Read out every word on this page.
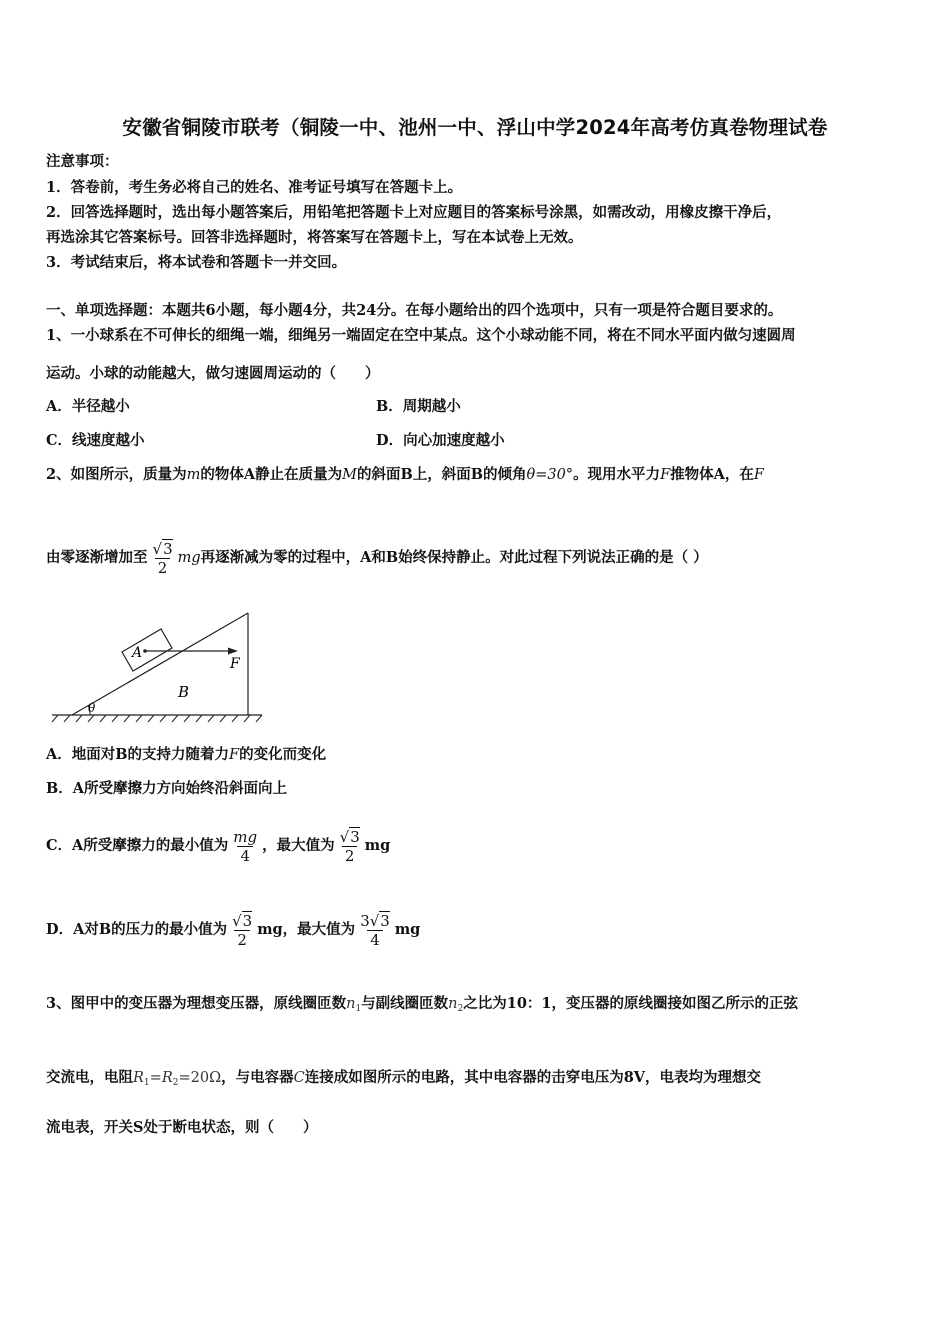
安徽省铜陵市联考（铜陵一中、池州一中、浮山中学2024年高考仿真卷物理试卷
注意事项：
1．答卷前，考生务必将自己的姓名、准考证号填写在答题卡上。
2．回答选择题时，选出每小题答案后，用铅笔把答题卡上对应题目的答案标号涂黑，如需改动，用橡皮擦干净后，
再选涂其它答案标号。回答非选择题时，将答案写在答题卡上，写在本试卷上无效。
3．考试结束后，将本试卷和答题卡一并交回。
一、单项选择题：本题共6小题，每小题4分，共24分。在每小题给出的四个选项中，只有一项是符合题目要求的。
1、一小球系在不可伸长的细绳一端，细绳另一端固定在空中某点。这个小球动能不同，将在不同水平面内做匀速圆周
运动。小球的动能越大，做匀速圆周运动的（　　）
A．半径越小	B．周期越小
C．线速度越小	D．向心加速度越小
2、如图所示，质量为m的物体A静止在质量为M的斜面B上，斜面B的倾角θ=30°。现用水平力F推物体A，在F
由零逐渐增加至 $\frac{√3}{2}$ mg再逐渐减为零的过程中，A和B始终保持静止。对此过程下列说法正确的是（ ）
A
F
B
θ
A．地面对B的支持力随着力F的变化而变化
B．A所受摩擦力方向始终沿斜面向上
C．A所受摩擦力的最小值为 $\frac{mg}{4}$ ，最大值为 $\frac{√3}{2}$ mg
D．A对B的压力的最小值为 $\frac{√3}{2}$ mg，最大值为 $\frac{3√3}{4}$ mg
3、图甲中的变压器为理想变压器，原线圈匝数$n_1$与副线圈匝数$n_2$之比为10：1，变压器的原线圈接如图乙所示的正弦
交流电，电阻$R_1=R_2=20\Omega$，与电容器C连接成如图所示的电路，其中电容器的击穿电压为8V，电表均为理想交
流电表，开关S处于断电状态，则（　　）
